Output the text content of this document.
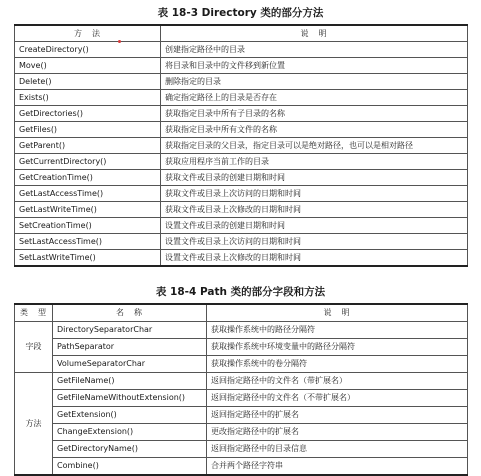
表 18-3 Directory 类的部分方法
方　法	说　明
CreateDirectory()	创建指定路径中的目录
Move()	将目录和目录中的文件移到新位置
Delete()	删除指定的目录
Exists()	确定指定路径上的目录是否存在
GetDirectories()	获取指定目录中所有子目录的名称
GetFiles()	获取指定目录中所有文件的名称
GetParent()	获取指定目录的父目录，指定目录可以是绝对路径，也可以是相对路径
GetCurrentDirectory()	获取应用程序当前工作的目录
GetCreationTime()	获取文件或目录的创建日期和时间
GetLastAccessTime()	获取文件或目录上次访问的日期和时间
GetLastWriteTime()	获取文件或目录上次修改的日期和时间
SetCreationTime()	设置文件或目录的创建日期和时间
SetLastAccessTime()	设置文件或目录上次访问的日期和时间
SetLastWriteTime()	设置文件或目录上次修改的日期和时间
表 18-4 Path 类的部分字段和方法
类　型	名　称	说　明
字段	DirectorySeparatorChar	获取操作系统中的路径分隔符
	PathSeparator	获取操作系统中环境变量中的路径分隔符
	VolumeSeparatorChar	获取操作系统中的卷分隔符
方法	GetFileName()	返回指定路径中的文件名（带扩展名）
	GetFileNameWithoutExtension()	返回指定路径中的文件名（不带扩展名）
	GetExtension()	返回指定路径中的扩展名
	ChangeExtension()	更改指定路径中的扩展名
	GetDirectoryName()	返回指定路径中的目录信息
	Combine()	合并两个路径字符串
